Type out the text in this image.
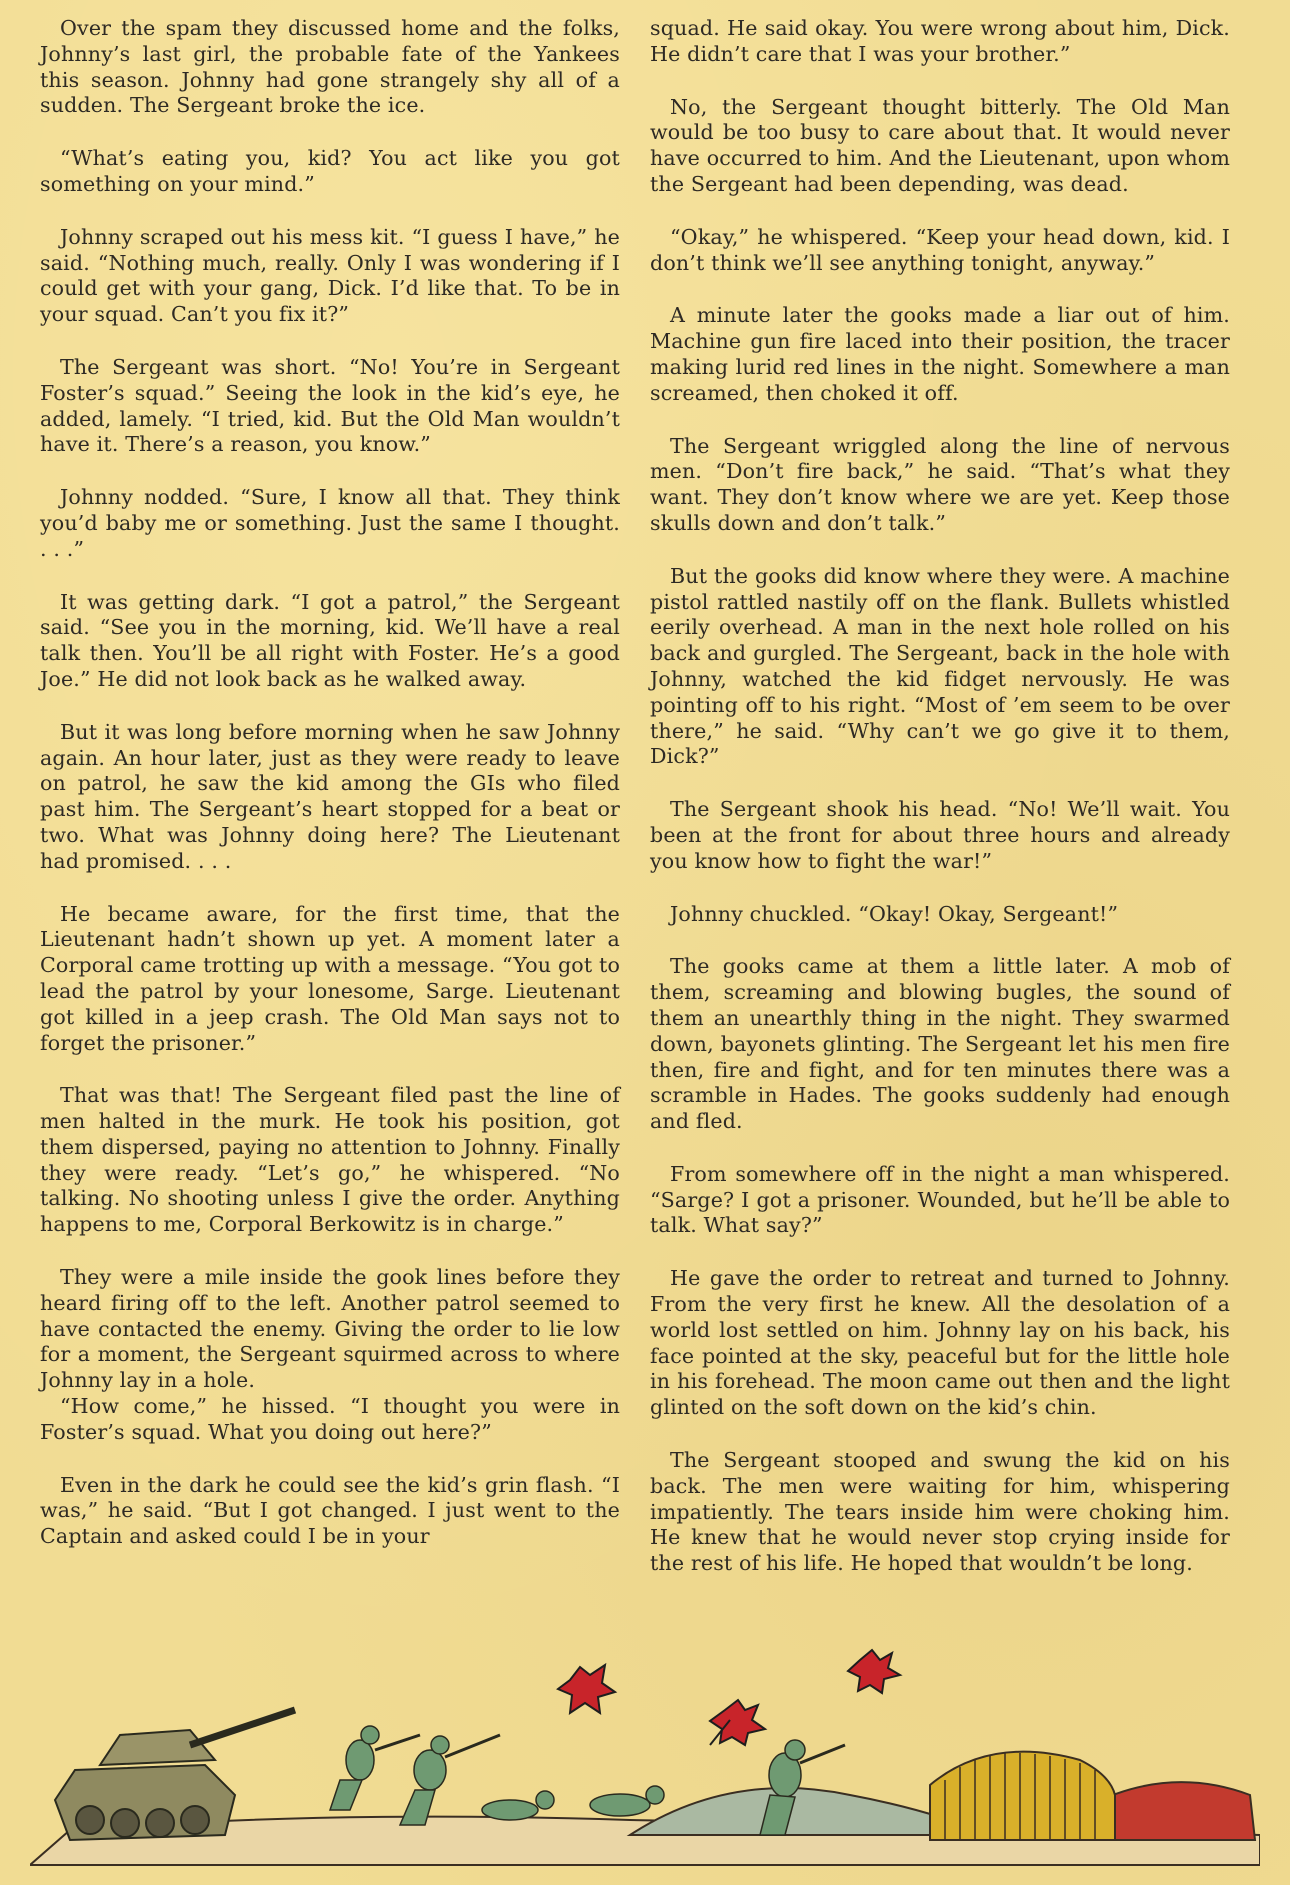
Over the spam they discussed home and the folks, Johnny’s last girl, the probable fate of the Yankees this season. Johnny had gone strangely shy all of a sudden. The Sergeant broke the ice.

“What’s eating you, kid? You act like you got something on your mind.”

Johnny scraped out his mess kit. “I guess I have,” he said. “Nothing much, really. Only I was wondering if I could get with your gang, Dick. I’d like that. To be in your squad. Can’t you fix it?”

The Sergeant was short. “No! You’re in Sergeant Foster’s squad.” Seeing the look in the kid’s eye, he added, lamely. “I tried, kid. But the Old Man wouldn’t have it. There’s a reason, you know.”

Johnny nodded. “Sure, I know all that. They think you’d baby me or something. Just the same I thought. . . .”

It was getting dark. “I got a patrol,” the Sergeant said. “See you in the morning, kid. We’ll have a real talk then. You’ll be all right with Foster. He’s a good Joe.” He did not look back as he walked away.

But it was long before morning when he saw Johnny again. An hour later, just as they were ready to leave on patrol, he saw the kid among the GIs who filed past him. The Sergeant’s heart stopped for a beat or two. What was Johnny doing here? The Lieutenant had promised. . . .

He became aware, for the first time, that the Lieutenant hadn’t shown up yet. A moment later a Corporal came trotting up with a message. “You got to lead the patrol by your lonesome, Sarge. Lieutenant got killed in a jeep crash. The Old Man says not to forget the prisoner.”

That was that! The Sergeant filed past the line of men halted in the murk. He took his position, got them dispersed, paying no attention to Johnny. Finally they were ready. “Let’s go,” he whispered. “No talking. No shooting unless I give the order. Anything happens to me, Corporal Berkowitz is in charge.”

They were a mile inside the gook lines before they heard firing off to the left. Another patrol seemed to have contacted the enemy. Giving the order to lie low for a moment, the Sergeant squirmed across to where Johnny lay in a hole.

“How come,” he hissed. “I thought you were in Foster’s squad. What you doing out here?”

Even in the dark he could see the kid’s grin flash. “I was,” he said. “But I got changed. I just went to the Captain and asked could I be in your

squad. He said okay. You were wrong about him, Dick. He didn’t care that I was your brother.”

No, the Sergeant thought bitterly. The Old Man would be too busy to care about that. It would never have occurred to him. And the Lieutenant, upon whom the Sergeant had been depending, was dead.

“Okay,” he whispered. “Keep your head down, kid. I don’t think we’ll see anything tonight, anyway.”

A minute later the gooks made a liar out of him. Machine gun fire laced into their position, the tracer making lurid red lines in the night. Somewhere a man screamed, then choked it off.

The Sergeant wriggled along the line of nervous men. “Don’t fire back,” he said. “That’s what they want. They don’t know where we are yet. Keep those skulls down and don’t talk.”

But the gooks did know where they were. A machine pistol rattled nastily off on the flank. Bullets whistled eerily overhead. A man in the next hole rolled on his back and gurgled. The Sergeant, back in the hole with Johnny, watched the kid fidget nervously. He was pointing off to his right. “Most of ’em seem to be over there,” he said. “Why can’t we go give it to them, Dick?”

The Sergeant shook his head. “No! We’ll wait. You been at the front for about three hours and already you know how to fight the war!”

Johnny chuckled. “Okay! Okay, Sergeant!”

The gooks came at them a little later. A mob of them, screaming and blowing bugles, the sound of them an unearthly thing in the night. They swarmed down, bayonets glinting. The Sergeant let his men fire then, fire and fight, and for ten minutes there was a scramble in Hades. The gooks suddenly had enough and fled.

From somewhere off in the night a man whispered. “Sarge? I got a prisoner. Wounded, but he’ll be able to talk. What say?”

He gave the order to retreat and turned to Johnny. From the very first he knew. All the desolation of a world lost settled on him. Johnny lay on his back, his face pointed at the sky, peaceful but for the little hole in his forehead. The moon came out then and the light glinted on the soft down on the kid’s chin.

The Sergeant stooped and swung the kid on his back. The men were waiting for him, whispering impatiently. The tears inside him were choking him. He knew that he would never stop crying inside for the rest of his life. He hoped that wouldn’t be long.
